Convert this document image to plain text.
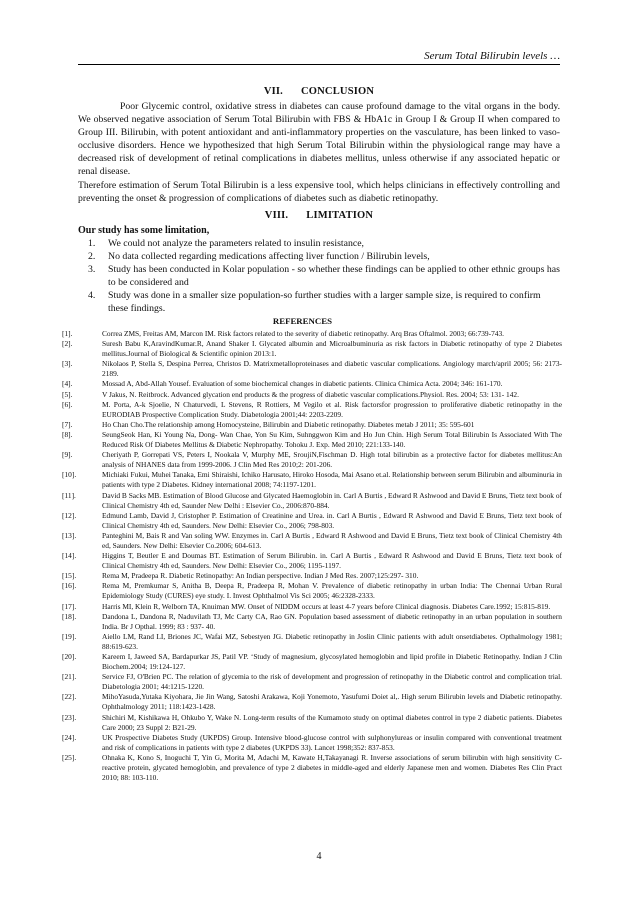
Serum Total Bilirubin levels …
VII. CONCLUSION

Poor Glycemic control, oxidative stress in diabetes can cause profound damage to the vital organs in the body. We observed negative association of Serum Total Bilirubin with FBS & HbA1c in Group I & Group II when compared to Group III. Bilirubin, with potent antioxidant and anti-inflammatory properties on the vasculature, has been linked to vaso-occlusive disorders. Hence we hypothesized that high Serum Total Bilirubin within the physiological range may have a decreased risk of development of retinal complications in diabetes mellitus, unless otherwise if any associated hepatic or renal disease.

Therefore estimation of Serum Total Bilirubin is a less expensive tool, which helps clinicians in effectively controlling and preventing the onset & progression of complications of diabetes such as diabetic retinopathy.

VIII. LIMITATION
Our study has some limitation,
1. We could not analyze the parameters related to insulin resistance,
2. No data collected regarding medications affecting liver function / Bilirubin levels,
3. Study has been conducted in Kolar population - so whether these findings can be applied to other ethnic groups has to be considered and
4. Study was done in a smaller size population-so further studies with a larger sample size, is required to confirm these findings.
REFERENCES
[1].	Correa ZMS, Freitas AM, Marcon IM. Risk factors related to the severity of diabetic retinopathy. Arq Bras Oftalmol. 2003; 66:739-743.
[2].	Suresh Babu K,AravindKumar.R, Anand Shaker I. Glycated albumin and Microalbuminuria as risk factors in Diabetic retinopathy of type 2 Diabetes mellitus.Journal of Biological & Scientific opinion 2013:1.
[3].	Nikolaos P, Stella S, Despina Perrea, Christos D. Matrixmetalloproteinases and diabetic vascular complications. Angiology march/april 2005; 56: 2173-2189.
[4].	Mossad A, Abd-Allah Yousef. Evaluation of some biochemical changes in diabetic patients. Clinica Chimica Acta. 2004; 346: 161-170.
[5].	V Jakus, N. Reitbrock. Advanced glycation end products & the progress of diabetic vascular complications.Physiol. Res. 2004; 53: 131- 142.
[6].	M. Porta, A-k Sjoelie, N Chaturvedi, L Stevens, R Rottiers, M Vegilo et al. Risk factorsfor progression to proliferative diabetic retinopathy in the EURODIAB Prospective Complication Study. Diabetologia 2001;44: 2203-2209.
[7].	Ho Chan Cho.The relationship among Homocysteine, Bilirubin and Diabetic retinopathy. Diabetes metab J 2011; 35: 595-601
[8].	SeungSeok Han, Ki Young Na, Dong- Wan Chae, Yon Su Kim, Suhnggwon Kim and Ho Jun Chin. High Serum Total Bilirubin Is Associated With The Reduced Risk Of Diabetes Mellitus & Diabetic Nephropathy. Tohoku J. Exp. Med 2010; 221:133-140.
[9].	Cheriyath P, Gorrepati VS, Peters I, Nookala V, Murphy ME, SroujiN,Fischman D. High total bilirubin as a protective factor for diabetes mellitus:An analysis of NHANES data from 1999-2006. J Clin Med Res 2010;2: 201-206.
[10].	Michiaki Fukui, Muhei Tanaka, Emi Shiraishi, Ichiko Harusato, Hiroko Hosoda, Mai Asano et.al. Relationship between serum Bilirubin and albuminuria in patients with type 2 Diabetes. Kidney international 2008; 74:1197-1201.
[11].	David B Sacks MB. Estimation of Blood Glucose and Glycated Haemoglobin in. Carl A Burtis , Edward R Ashwood and David E Bruns, Tietz text book of Clinical Chemistry 4th ed, Saunder New Delhi : Elsevier Co., 2006:870-884.
[12].	Edmund Lamb, David J, Cristopher P. Estimation of Creatinine and Urea. in. Carl A Burtis , Edward R Ashwood and David E Bruns, Tietz text book of Clinical Chemistry 4th ed, Saunders. New Delhi: Elsevier Co., 2006; 798-803.
[13].	Panteghini M, Bais R and Van soling WW. Enzymes in. Carl A Burtis , Edward R Ashwood and David E Bruns, Tietz text book of Clinical Chemistry 4th ed, Saunders. New Delhi: Elsevier Co.2006; 604-613.
[14].	Higgins T, Beutler E and Doumas BT. Estimation of Serum Bilirubin. in. Carl A Burtis , Edward R Ashwood and David E Bruns, Tietz text book of Clinical Chemistry 4th ed, Saunders. New Delhi: Elsevier Co., 2006; 1195-1197.
[15].	Rema M, Pradeepa R. Diabetic Retinopathy: An Indian perspective. Indian J Med Res. 2007;125:297- 310.
[16].	Rema M, Premkumar S, Anitha B, Deepa R, Pradeepa R, Mohan V. Prevalence of diabetic retinopathy in urban India: The Chennai Urban Rural Epidemiology Study (CURES) eye study. I. Invest Ophthalmol Vis Sci 2005; 46:2328-2333.
[17].	Harris MI, Klein R, Welborn TA, Knuiman MW. Onset of NIDDM occurs at least 4-7 years before Clinical diagnosis. Diabetes Care.1992; 15:815-819.
[18].	Dandona L, Dandona R, Naduvilath TJ, Mc Carty CA, Rao GN. Population based assessment of diabetic retinopathy in an urban population in southern India. Br J Opthal. 1999; 83 : 937- 40.
[19].	Aiello LM, Rand LI, Briones JC, Wafai MZ, Sebestyen JG. Diabetic retinopathy in Joslin Clinic patients with adult onsetdiabetes. Opthalmology 1981; 88:619-623.
[20].	Kareem I, Jaweed SA, Bardapurkar JS, Patil VP. ‘Study of magnesium, glycosylated hemoglobin and lipid profile in Diabetic Retinopathy. Indian J Clin Biochem.2004; 19:124-127.
[21].	Service FJ, O'Brien PC. The relation of glycemia to the risk of development and progression of retinopathy in the Diabetic control and complication trial. Diabetologia 2001; 44:1215-1220.
[22].	MihoYasuda,Yutaka Kiyohara, Jie Jin Wang, Satoshi Arakawa, Koji Yonemoto, Yasufumi Doiet al,. High serum Bilirubin levels and Diabetic retinopathy. Ophthalmology 2011; 118:1423-1428.
[23].	Shichiri M, Kishikawa H, Ohkubo Y, Wake N. Long-term results of the Kumamoto study on optimal diabetes control in type 2 diabetic patients. Diabetes Care 2000; 23 Suppl 2: B21-29.
[24].	UK Prospective Diabetes Study (UKPDS) Group. Intensive blood-glucose control with sulphonylureas or insulin compared with conventional treatment and risk of complications in patients with type 2 diabetes (UKPDS 33). Lancet 1998;352: 837-853.
[25].	Ohnaka K, Kono S, Inoguchi T, Yin G, Morita M, Adachi M, Kawate H,Takayanagi R. Inverse associations of serum bilirubin with high sensitivity C-reactive protein, glycated hemoglobin, and prevalence of type 2 diabetes in middle-aged and elderly Japanese men and women. Diabetes Res Clin Pract 2010; 88: 103-110.
4
